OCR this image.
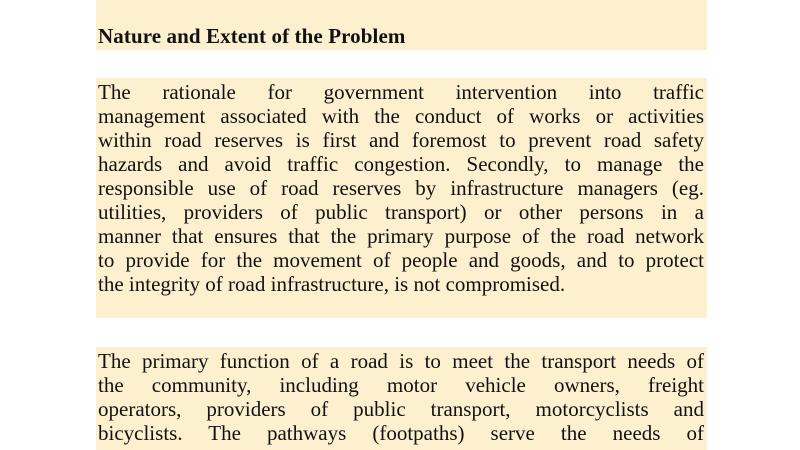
Nature and Extent of the Problem
The rationale for government intervention into traffic
management associated with the conduct of works or activities
within road reserves is first and foremost to prevent road safety
hazards and avoid traffic congestion. Secondly, to manage the
responsible use of road reserves by infrastructure managers (eg.
utilities, providers of public transport) or other persons in a
manner that ensures that the primary purpose of the road network
to provide for the movement of people and goods, and to protect
the integrity of road infrastructure, is not compromised.
The primary function of a road is to meet the transport needs of
the community, including motor vehicle owners, freight
operators, providers of public transport, motorcyclists and
bicyclists. The pathways (footpaths) serve the needs of
